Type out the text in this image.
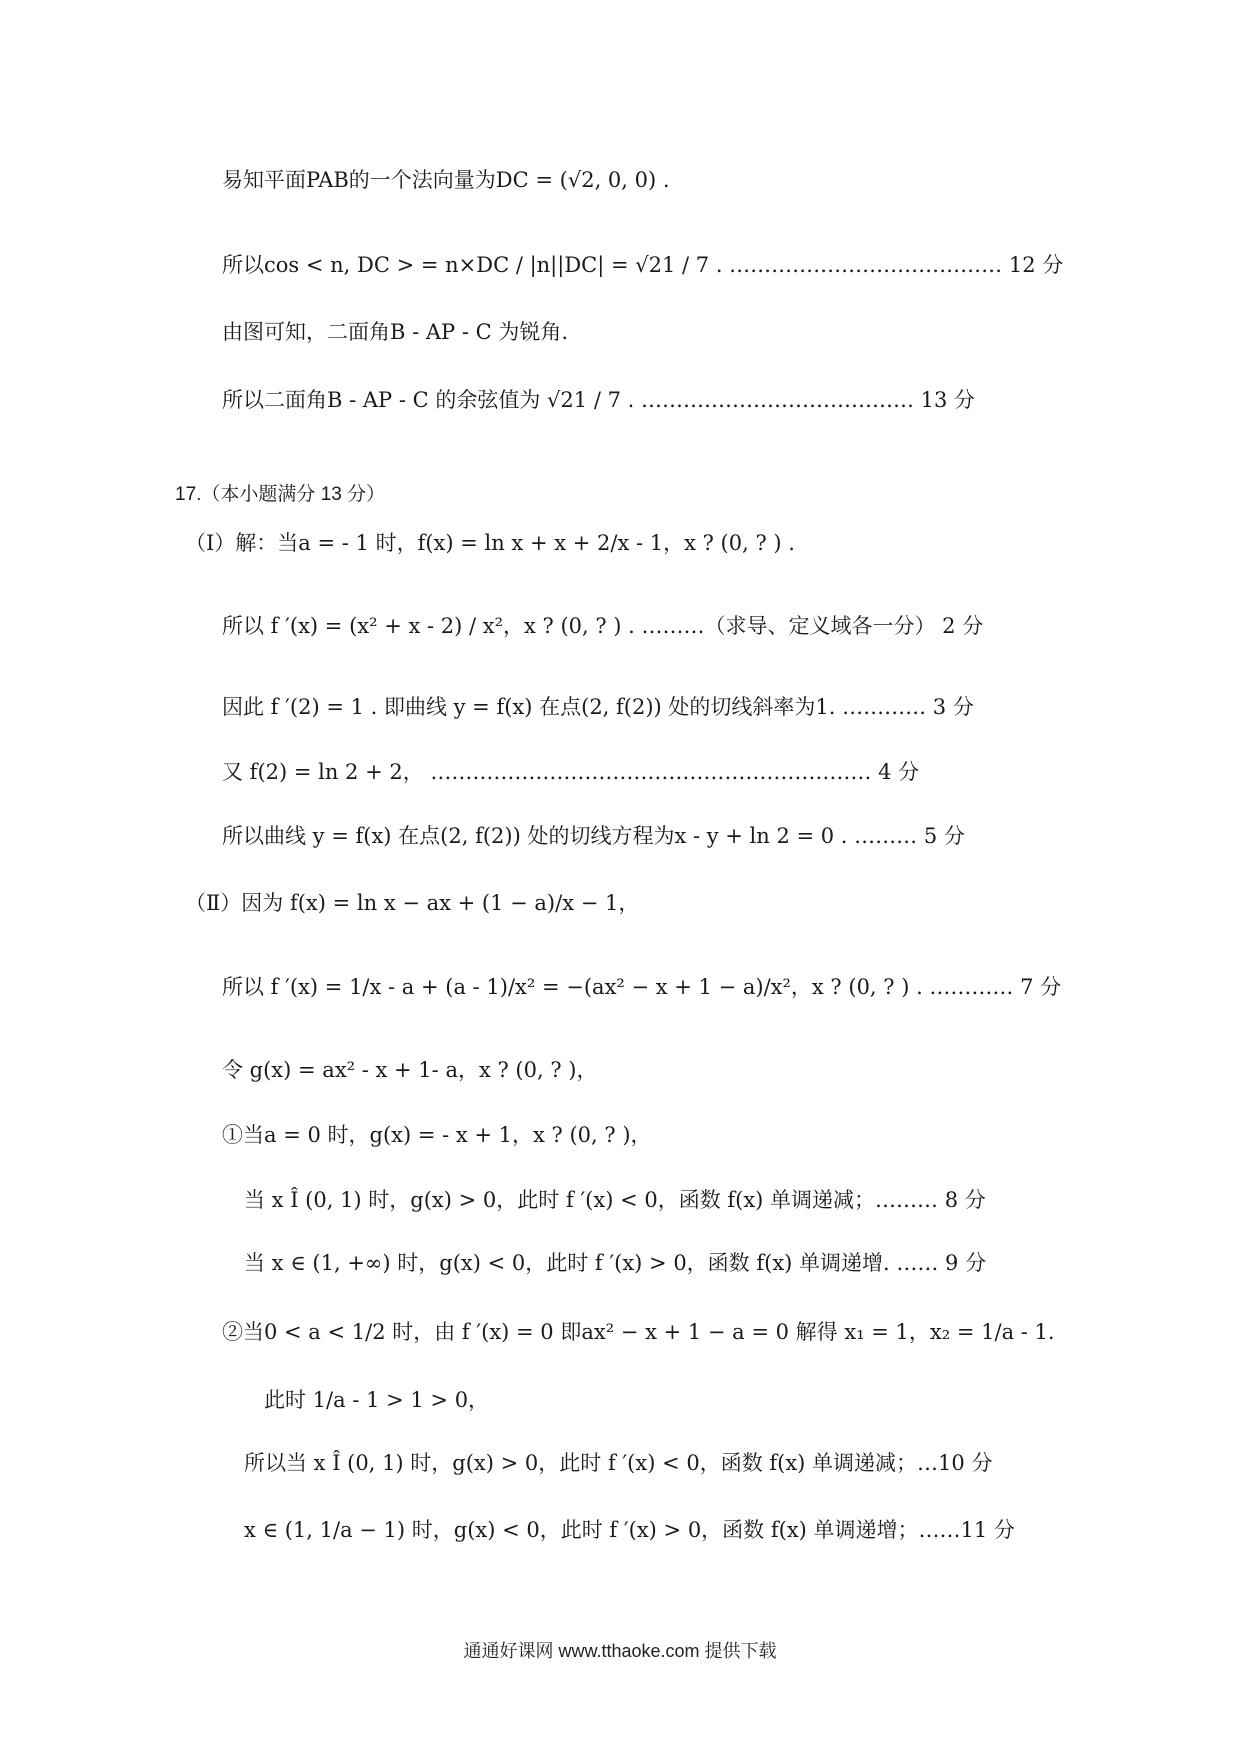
易知平面PAB的一个法向量为DC = (√2, 0, 0) .
所以cos < n, DC > = n×DC / |n||DC| = √21 / 7 . ………………………………… 12 分
由图可知，二面角B - AP - C 为锐角.
所以二面角B - AP - C 的余弦值为 √21 / 7 . ………………………………… 13 分
17.（本小题满分 13 分）
（Ⅰ）解：当a = - 1 时，f(x) = ln x + x + 2/x - 1，x ? (0, ? ) .
所以 f ′(x) = (x² + x - 2) / x²，x ? (0, ? ) . ………（求导、定义域各一分） 2 分
因此 f ′(2) = 1 . 即曲线 y = f(x) 在点(2, f(2)) 处的切线斜率为1. ………… 3 分
又 f(2) = ln 2 + 2， ……………………………………………………… 4 分
所以曲线 y = f(x) 在点(2, f(2)) 处的切线方程为x - y + ln 2 = 0 . ……… 5 分
（Ⅱ）因为 f(x) = ln x − ax + (1 − a)/x − 1，
所以 f ′(x) = 1/x - a + (a - 1)/x² = −(ax² − x + 1 − a)/x²，x ? (0, ? ) . ………… 7 分
令 g(x) = ax² - x + 1- a，x ? (0, ? )，
①当a = 0 时，g(x) = - x + 1，x ? (0, ? )，
当 x Î (0, 1) 时，g(x) > 0，此时 f ′(x) < 0，函数 f(x) 单调递减；……… 8 分
当 x ∈ (1, +∞) 时，g(x) < 0，此时 f ′(x) > 0，函数 f(x) 单调递增. …… 9 分
②当0 < a < 1/2 时，由 f ′(x) = 0 即ax² − x + 1 − a = 0 解得 x₁ = 1，x₂ = 1/a - 1.
此时 1/a - 1 > 1 > 0，
所以当 x Î (0, 1) 时，g(x) > 0，此时 f ′(x) < 0，函数 f(x) 单调递减；…10 分
x ∈ (1, 1/a − 1) 时，g(x) < 0，此时 f ′(x) > 0，函数 f(x) 单调递增；……11 分
通通好课网 www.tthaoke.com 提供下载
